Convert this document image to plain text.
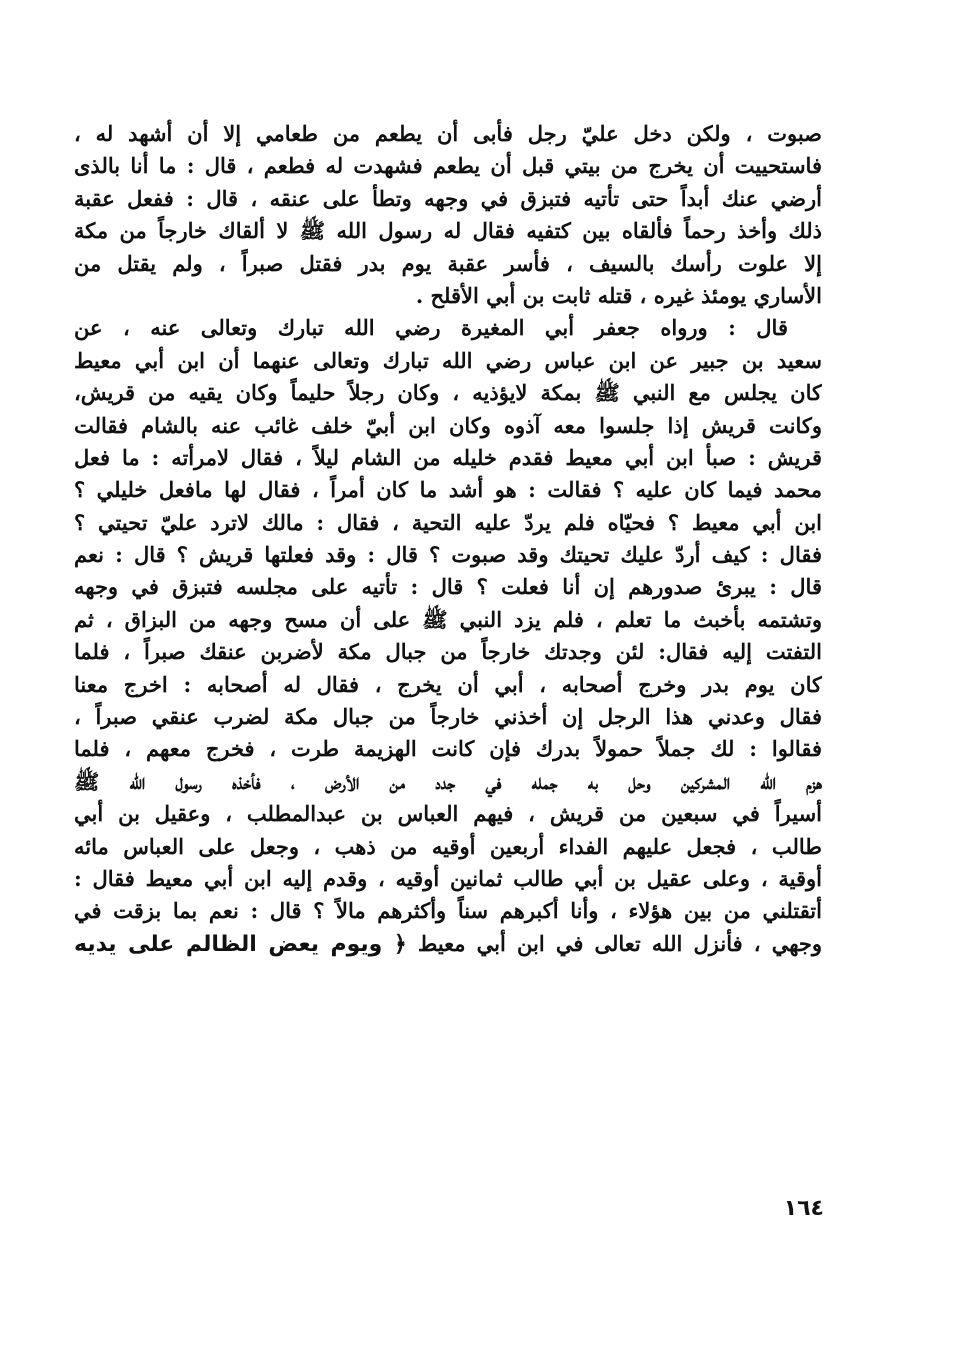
صبوت ، ولكن دخل عليّ رجل فأبى أن يطعم من طعامي إلا أن أشهد له ،
فاستحييت أن يخرج من بيتي قبل أن يطعم فشهدت له فطعم ، قال : ما أنا بالذى
أرضي عنك أبداً حتى تأتيه فتبزق في وجهه وتطأ على عنقه ، قال : ففعل عقبة
ذلك وأخذ رحماً فألقاه بين كتفيه فقال له رسول الله ﷺ لا ألقاك خارجاً من مكة
إلا علوت رأسك بالسيف ، فأسر عقبة يوم بدر فقتل صبراً ، ولم يقتل من
الأساري يومئذ غيره ، قتله ثابت بن أبي الأقلح .
قال : ورواه جعفر أبي المغيرة رضي الله تبارك وتعالى عنه ، عن
سعيد بن جبير عن ابن عباس رضي الله تبارك وتعالى عنهما أن ابن أبي معيط
كان يجلس مع النبي ﷺ بمكة لايؤذيه ، وكان رجلاً حليماً وكان يقيه من قريش،
وكانت قريش إذا جلسوا معه آذوه وكان ابن أبيّ خلف غائب عنه بالشام فقالت
قريش : صبأ ابن أبي معيط فقدم خليله من الشام ليلاً ، فقال لامرأته : ما فعل
محمد فيما كان عليه ؟ فقالت : هو أشد ما كان أمراً ، فقال لها مافعل خليلي ؟
ابن أبي معيط ؟ فحيّاه فلم يردّ عليه التحية ، فقال : مالك لاترد عليّ تحيتي ؟
فقال : كيف أردّ عليك تحيتك وقد صبوت ؟ قال : وقد فعلتها قريش ؟ قال : نعم
قال : يبرئ صدورهم إن أنا فعلت ؟ قال : تأتيه على مجلسه فتبزق في وجهه
وتشتمه بأخبث ما تعلم ، فلم يزد النبي ﷺ على أن مسح وجهه من البزاق ، ثم
التفتت إليه فقال: لئن وجدتك خارجاً من جبال مكة لأضربن عنقك صبراً ، فلما
كان يوم بدر وخرج أصحابه ، أبي أن يخرج ، فقال له أصحابه : اخرج معنا
فقال وعدني هذا الرجل إن أخذني خارجاً من جبال مكة لضرب عنقي صبراً ،
فقالوا : لك جملاً حمولاً بدرك فإن كانت الهزيمة طرت ، فخرج معهم ، فلما
هزم الله المشركين وحل به جمله في جدد من الأرض ، فأخذه رسول الله ﷺ
أسيراً في سبعين من قريش ، فيهم العباس بن عبدالمطلب ، وعقيل بن أبي
طالب ، فجعل عليهم الفداء أربعين أوقيه من ذهب ، وجعل على العباس مائه
أوقية ، وعلى عقيل بن أبي طالب ثمانين أوقيه ، وقدم إليه ابن أبي معيط فقال :
أتقتلني من بين هؤلاء ، وأنا أكبرهم سناً وأكثرهم مالاً ؟ قال : نعم بما بزقت في
وجهي ، فأنزل الله تعالى في ابن أبي معيط ﴿ ويوم يعض الظالم على يديه
١٦٤
